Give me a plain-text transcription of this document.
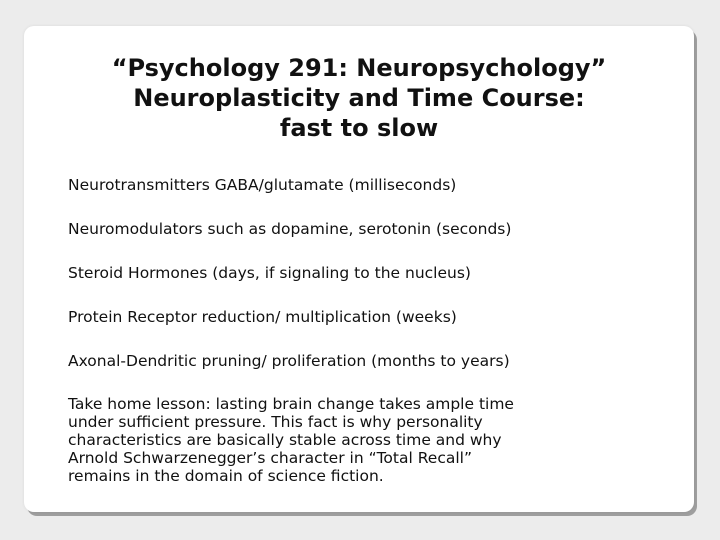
“Psychology 291: Neuropsychology”
Neuroplasticity and Time Course:
fast to slow
Neurotransmitters GABA/glutamate (milliseconds)
Neuromodulators such as dopamine, serotonin (seconds)
Steroid Hormones (days, if signaling to the nucleus)
Protein Receptor reduction/ multiplication (weeks)
Axonal-Dendritic pruning/ proliferation (months to years)

Take home lesson: lasting brain change takes ample time
under sufficient pressure. This fact is why personality
characteristics are basically stable across time and why
Arnold Schwarzenegger’s character in “Total Recall”
remains in the domain of science fiction.
